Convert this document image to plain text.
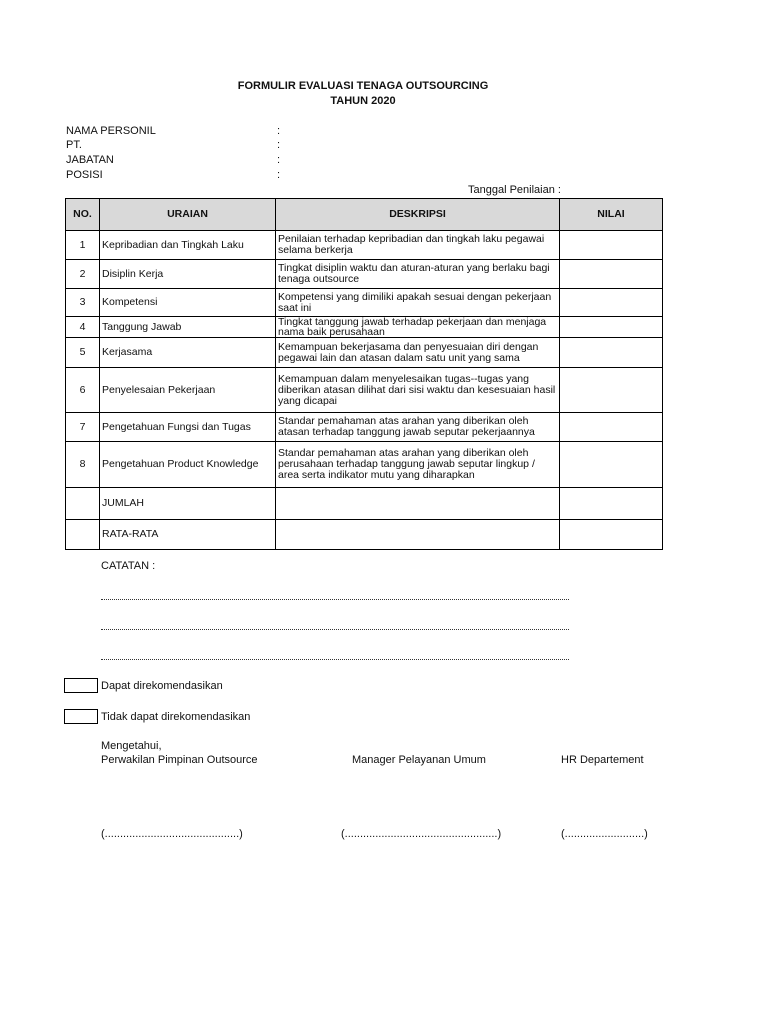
FORMULIR EVALUASI TENAGA OUTSOURCING
TAHUN 2020
NAMA PERSONIL	:
PT.	:
JABATAN	:
POSISI	:
Tanggal Penilaian :
NO.	URAIAN	DESKRIPSI	NILAI
1	Kepribadian dan Tingkah Laku	Penilaian terhadap kepribadian dan tingkah laku pegawai selama berkerja	
2	Disiplin Kerja	Tingkat disiplin waktu dan aturan-aturan yang berlaku bagi tenaga outsource	
3	Kompetensi	Kompetensi yang dimiliki apakah sesuai dengan pekerjaan saat ini	
4	Tanggung Jawab	Tingkat tanggung jawab terhadap pekerjaan dan menjaga nama baik perusahaan	
5	Kerjasama	Kemampuan bekerjasama dan penyesuaian diri dengan pegawai lain dan atasan dalam satu unit yang sama	
6	Penyelesaian Pekerjaan	Kemampuan dalam menyelesaikan tugas--tugas yang diberikan atasan dilihat dari sisi waktu dan kesesuaian hasil yang dicapai	
7	Pengetahuan Fungsi dan Tugas	Standar pemahaman atas arahan yang diberikan oleh atasan terhadap tanggung jawab seputar pekerjaannya	
8	Pengetahuan Product Knowledge	Standar pemahaman atas arahan yang diberikan oleh perusahaan terhadap tanggung jawab seputar lingkup / area serta indikator mutu yang diharapkan	
	JUMLAH		
	RATA-RATA		
CATATAN :
Dapat direkomendasikan
Tidak dapat direkomendasikan
Mengetahui,
Perwakilan Pimpinan Outsource	Manager Pelayanan Umum	HR Departement
(............................................)	(..................................................)	(..........................)
